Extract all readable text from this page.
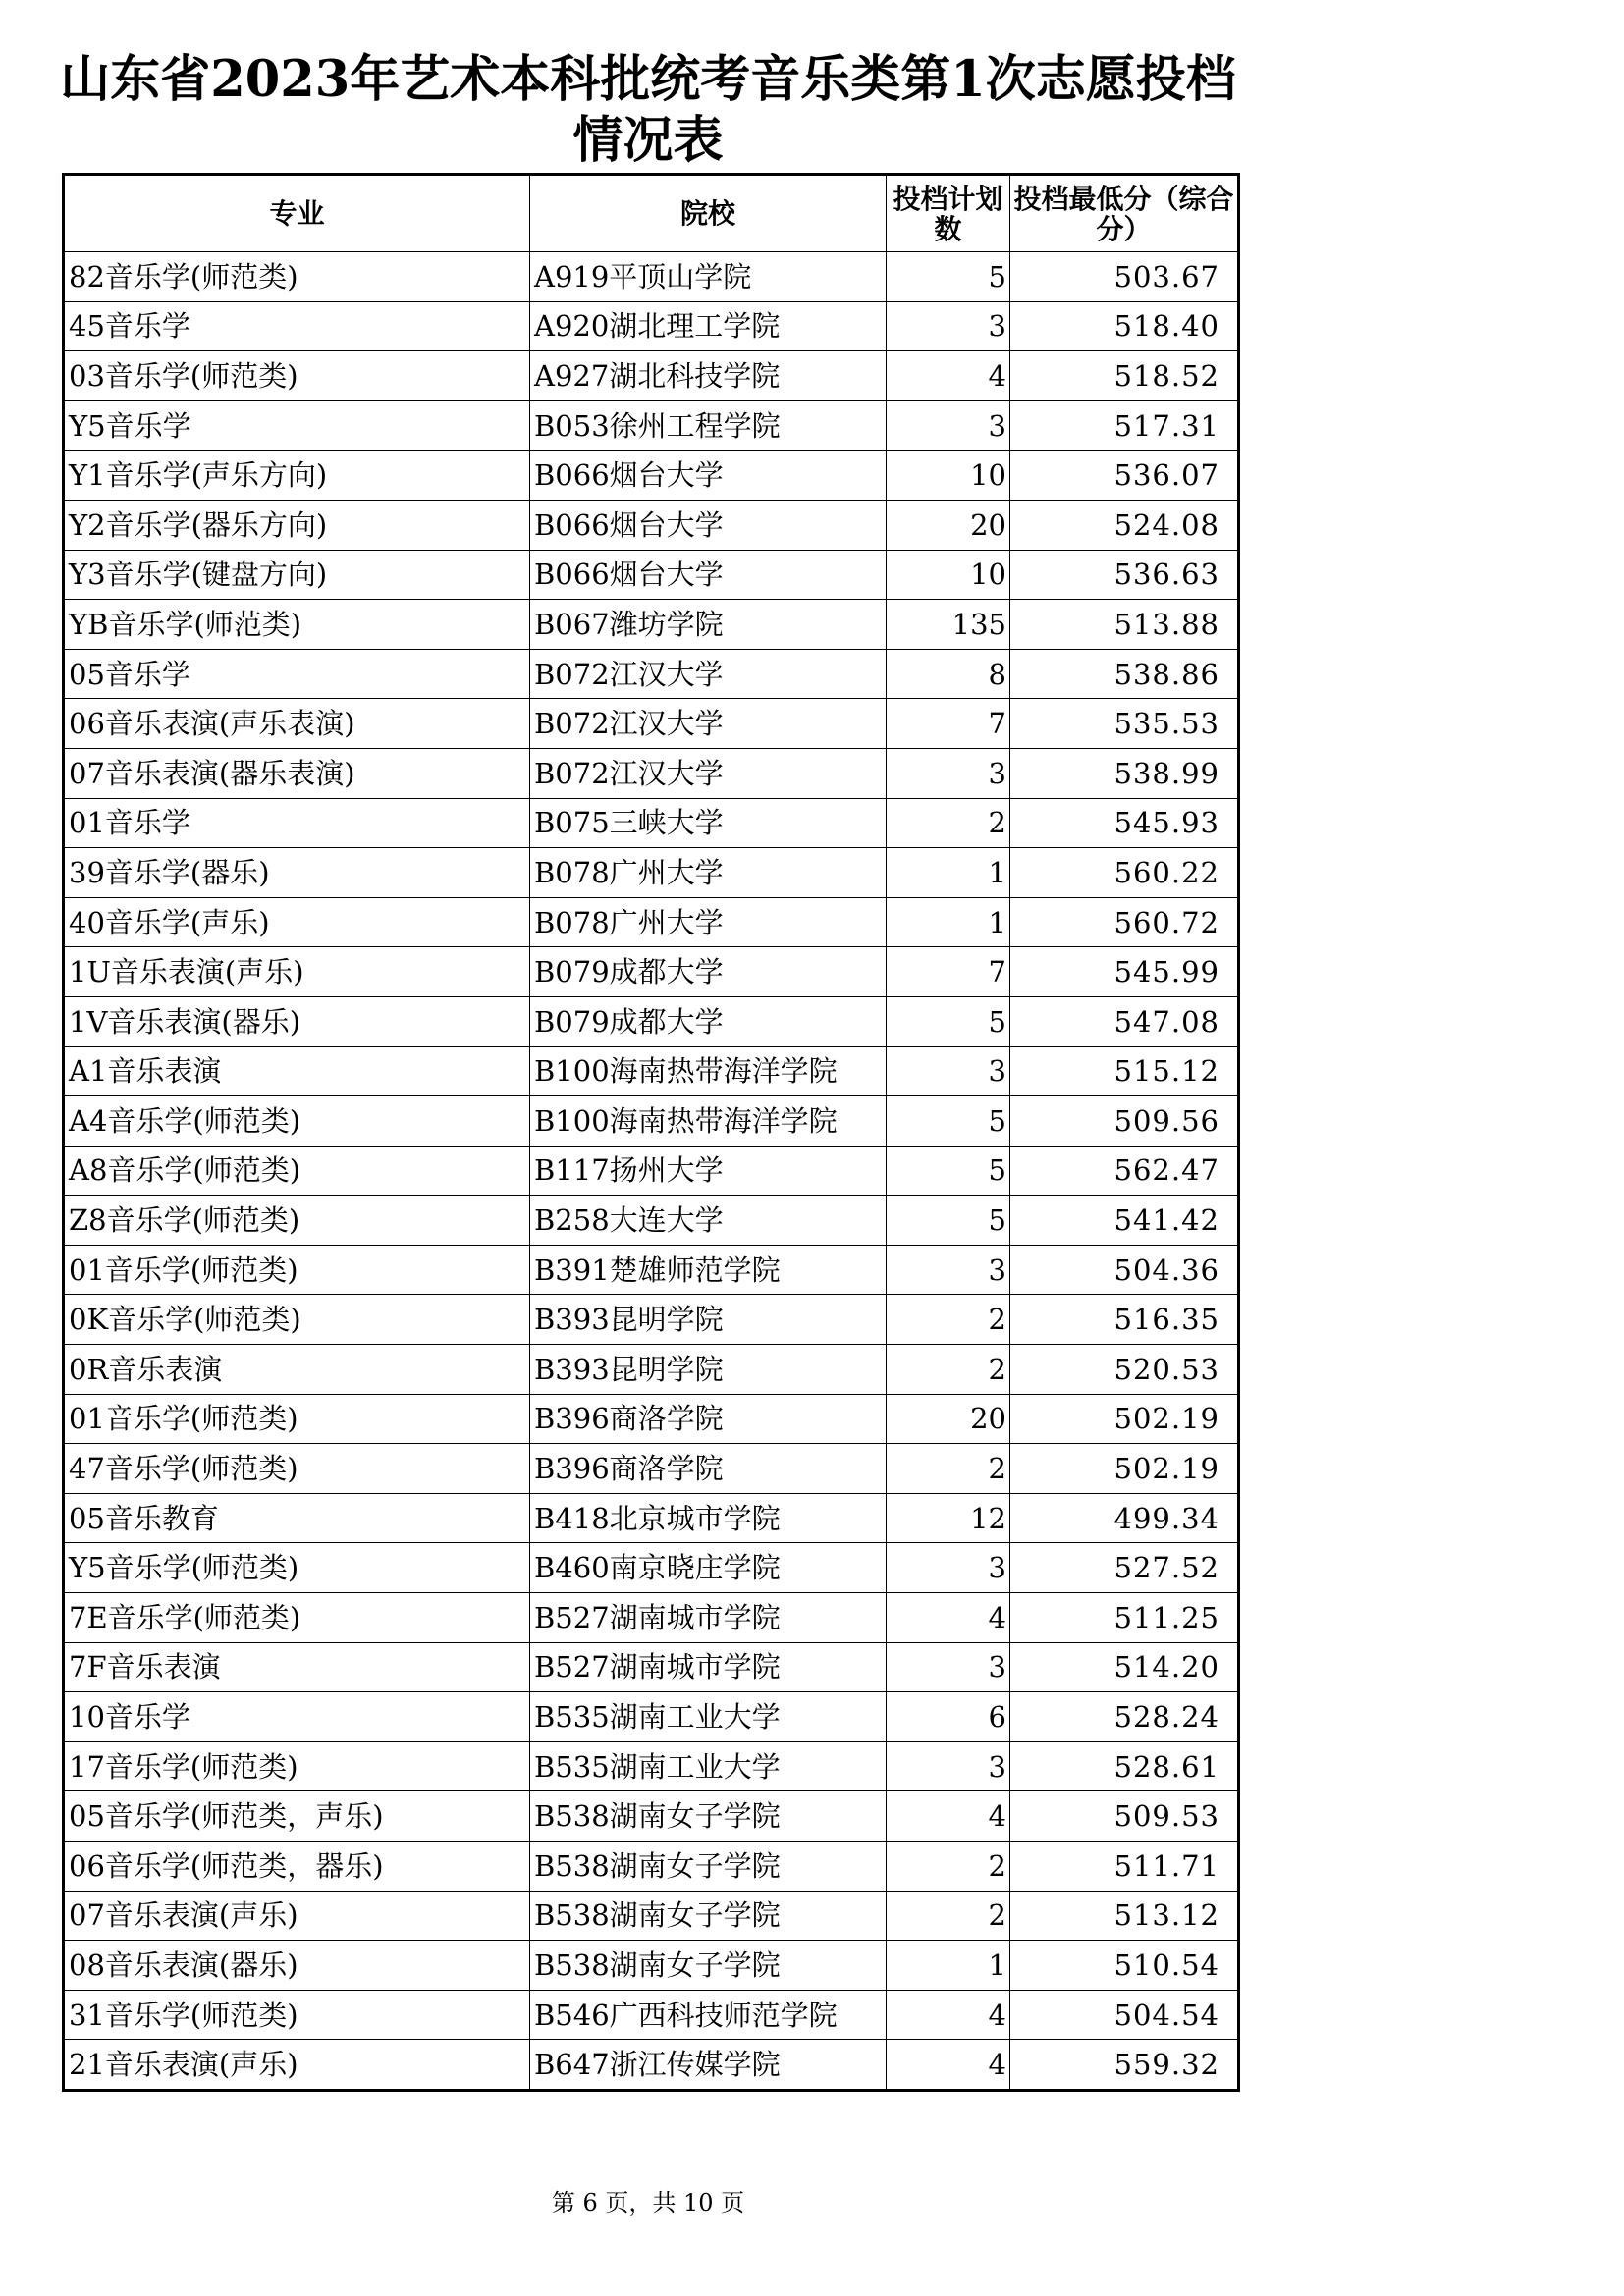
山东省2023年艺术本科批统考音乐类第1次志愿投档
情况表
专业	院校	投档计划数	投档最低分（综合分）
82音乐学(师范类)	A919平顶山学院	5	503.67
45音乐学	A920湖北理工学院	3	518.40
03音乐学(师范类)	A927湖北科技学院	4	518.52
Y5音乐学	B053徐州工程学院	3	517.31
Y1音乐学(声乐方向)	B066烟台大学	10	536.07
Y2音乐学(器乐方向)	B066烟台大学	20	524.08
Y3音乐学(键盘方向)	B066烟台大学	10	536.63
YB音乐学(师范类)	B067潍坊学院	135	513.88
05音乐学	B072江汉大学	8	538.86
06音乐表演(声乐表演)	B072江汉大学	7	535.53
07音乐表演(器乐表演)	B072江汉大学	3	538.99
01音乐学	B075三峡大学	2	545.93
39音乐学(器乐)	B078广州大学	1	560.22
40音乐学(声乐)	B078广州大学	1	560.72
1U音乐表演(声乐)	B079成都大学	7	545.99
1V音乐表演(器乐)	B079成都大学	5	547.08
A1音乐表演	B100海南热带海洋学院	3	515.12
A4音乐学(师范类)	B100海南热带海洋学院	5	509.56
A8音乐学(师范类)	B117扬州大学	5	562.47
Z8音乐学(师范类)	B258大连大学	5	541.42
01音乐学(师范类)	B391楚雄师范学院	3	504.36
0K音乐学(师范类)	B393昆明学院	2	516.35
0R音乐表演	B393昆明学院	2	520.53
01音乐学(师范类)	B396商洛学院	20	502.19
47音乐学(师范类)	B396商洛学院	2	502.19
05音乐教育	B418北京城市学院	12	499.34
Y5音乐学(师范类)	B460南京晓庄学院	3	527.52
7E音乐学(师范类)	B527湖南城市学院	4	511.25
7F音乐表演	B527湖南城市学院	3	514.20
10音乐学	B535湖南工业大学	6	528.24
17音乐学(师范类)	B535湖南工业大学	3	528.61
05音乐学(师范类，声乐)	B538湖南女子学院	4	509.53
06音乐学(师范类，器乐)	B538湖南女子学院	2	511.71
07音乐表演(声乐)	B538湖南女子学院	2	513.12
08音乐表演(器乐)	B538湖南女子学院	1	510.54
31音乐学(师范类)	B546广西科技师范学院	4	504.54
21音乐表演(声乐)	B647浙江传媒学院	4	559.32
第 6 页，共 10 页
